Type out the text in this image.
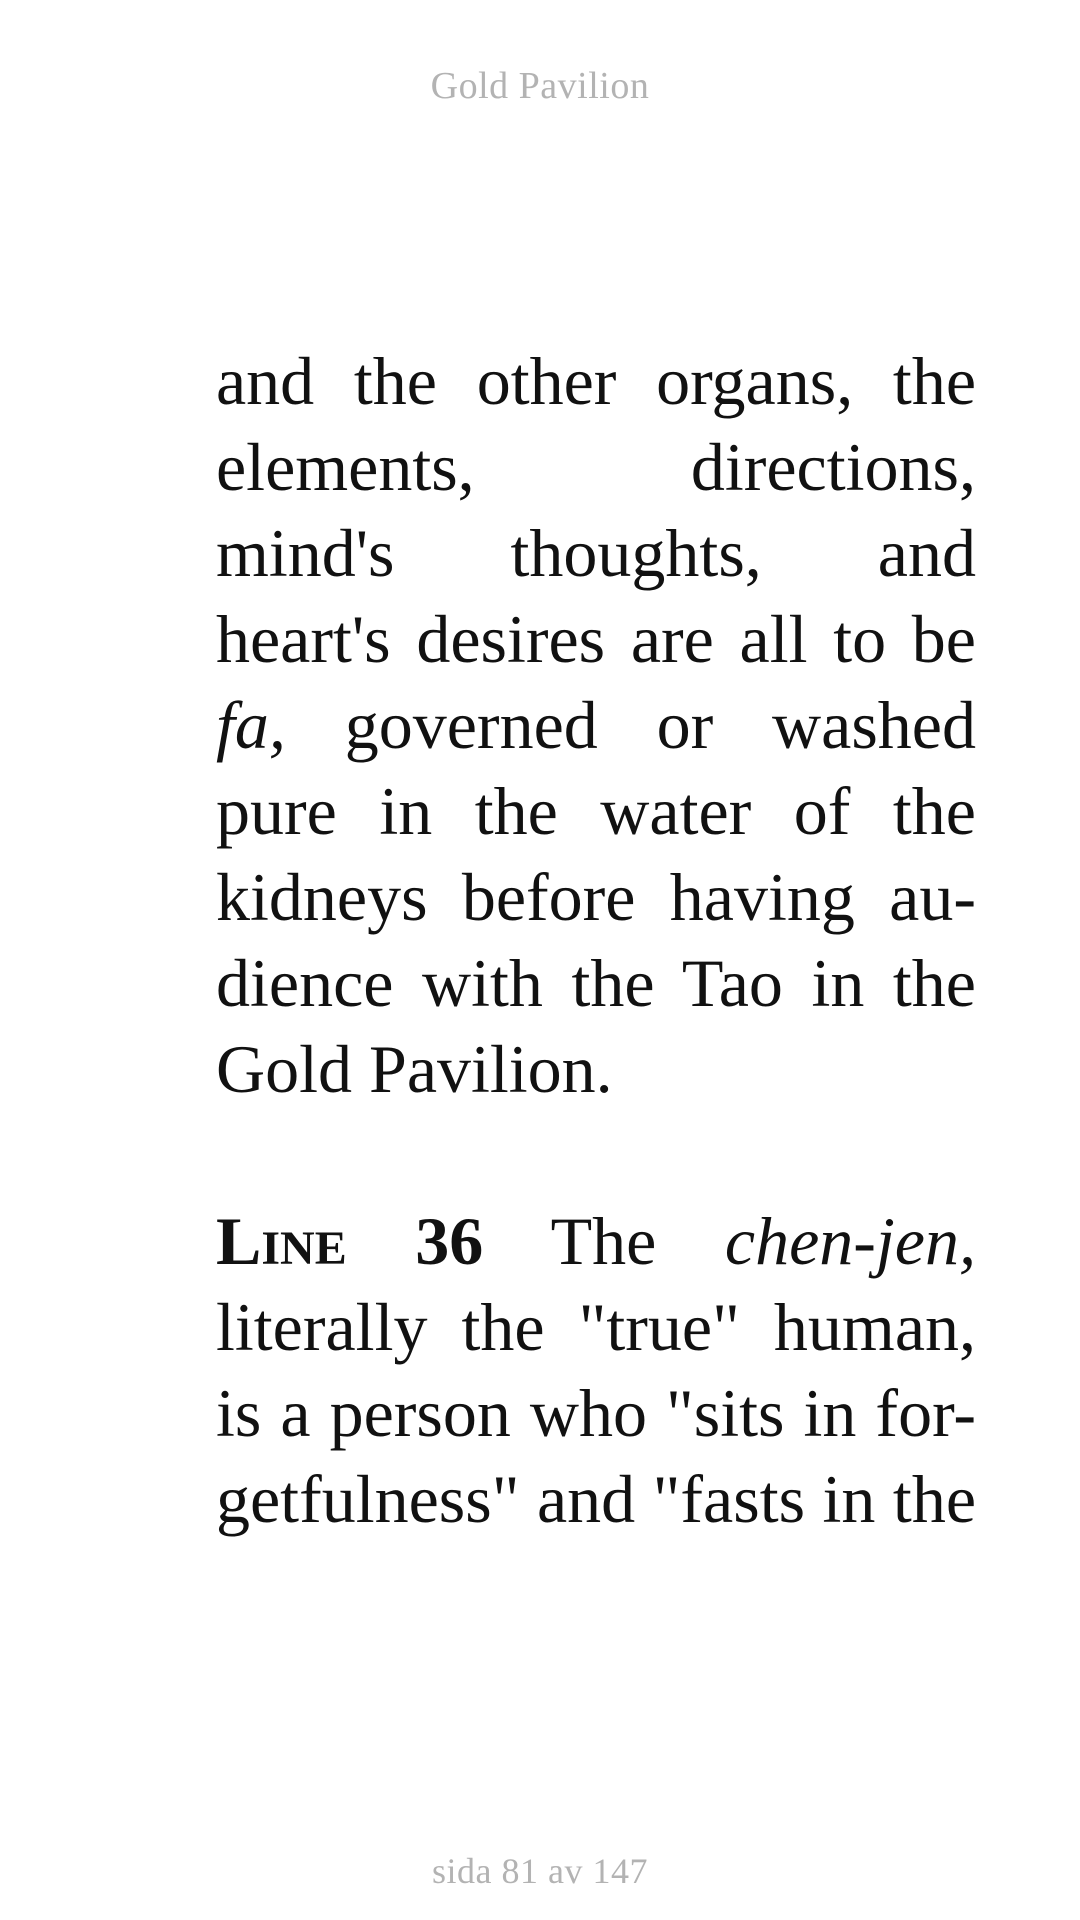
Gold Pavilion

and the other organs, the
elements, directions,
mind's thoughts, and
heart's desires are all to be
fa, governed or washed
pure in the water of the
kidneys before having au-
dience with the Tao in the
Gold Pavilion.

Line 36 The chen-jen,
literally the "true" human,
is a person who "sits in for-
getfulness" and "fasts in the

sida 81 av 147
